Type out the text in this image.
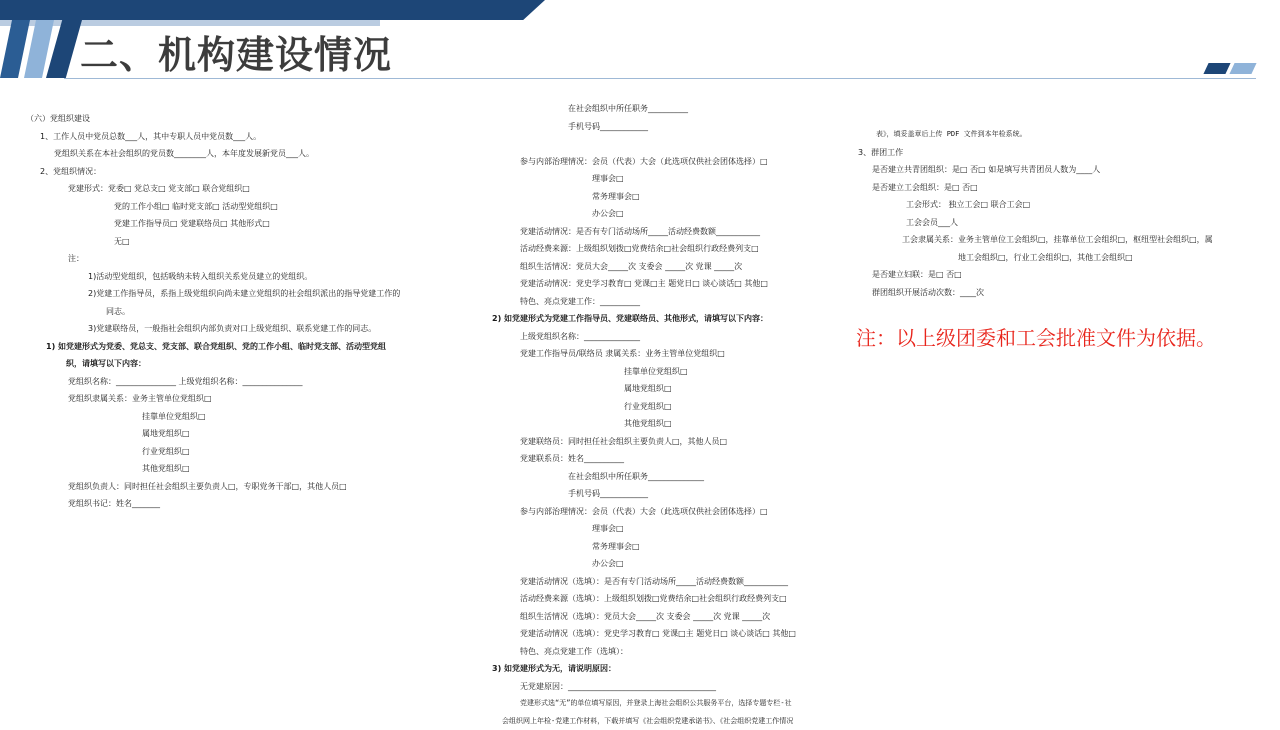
二、机构建设情况
（六）党组织建设
1、工作人员中党员总数___人，其中专职人员中党员数___人。
党组织关系在本社会组织的党员数________人，本年度发展新党员___人。
2、党组织情况：
党建形式：党委□ 党总支□ 党支部□ 联合党组织□
党的工作小组□ 临时党支部□ 活动型党组织□
党建工作指导员□ 党建联络员□ 其他形式□
无□
注：
1)活动型党组织，包括吸纳未转入组织关系党员建立的党组织。
2)党建工作指导员，系指上级党组织向尚未建立党组织的社会组织派出的指导党建工作的
同志。
3)党建联络员，一般指社会组织内部负责对口上级党组织、联系党建工作的同志。
1) 如党建形式为党委、党总支、党支部、联合党组织、党的工作小组、临时党支部、活动型党组
织，请填写以下内容：
党组织名称：_______________ 上级党组织名称：_______________
党组织隶属关系：业务主管单位党组织□
挂靠单位党组织□
属地党组织□
行业党组织□
其他党组织□
党组织负责人：同时担任社会组织主要负责人□，专职党务干部□，其他人员□
党组织书记：姓名_______
在社会组织中所任职务__________
手机号码____________
参与内部治理情况：会员（代表）大会（此选项仅供社会团体选择）□
理事会□
常务理事会□
办公会□
党建活动情况：是否有专门活动场所_____活动经费数额___________
活动经费来源：上级组织划拨□党费结余□社会组织行政经费列支□
组织生活情况：党员大会_____次 支委会 _____次 党课 _____次
党建活动情况：党史学习教育□ 党课□主 题党日□ 谈心谈话□ 其他□
特色、亮点党建工作：__________
2) 如党建形式为党建工作指导员、党建联络员、其他形式，请填写以下内容：
上级党组织名称：______________
党建工作指导员/联络员 隶属关系：业务主管单位党组织□
挂靠单位党组织□
属地党组织□
行业党组织□
其他党组织□
党建联络员：同时担任社会组织主要负责人□，其他人员□
党建联系员：姓名__________
在社会组织中所任职务______________
手机号码____________
参与内部治理情况：会员（代表）大会（此选项仅供社会团体选择）□
理事会□
常务理事会□
办公会□
党建活动情况（选填）：是否有专门活动场所_____活动经费数额___________
活动经费来源（选填）：上级组织划拨□党费结余□社会组织行政经费列支□
组织生活情况（选填）：党员大会_____次 支委会 _____次 党课 _____次
党建活动情况（选填）：党史学习教育□ 党课□主 题党日□ 谈心谈话□ 其他□
特色、亮点党建工作（选填）：
3) 如党建形式为无，请说明原因：
无党建原因：_____________________________________
党建形式选“无”的单位填写原因，并登录上海社会组织公共服务平台，选择专题专栏-社
会组织网上年检-党建工作材料，下载并填写《社会组织党建承诺书》、《社会组织党建工作情况
表》，填妥盖章后上传 PDF 文件到本年检系统。
3、群团工作
是否建立共青团组织：是□ 否□ 如是填写共青团员人数为____人
是否建立工会组织：是□ 否□
工会形式： 独立工会□ 联合工会□
工会会员___人
工会隶属关系：业务主管单位工会组织□，挂靠单位工会组织□，枢纽型社会组织□，属
地工会组织□，行业工会组织□，其他工会组织□
是否建立妇联：是□ 否□
群团组织开展活动次数：____次
注：以上级团委和工会批准文件为依据。
